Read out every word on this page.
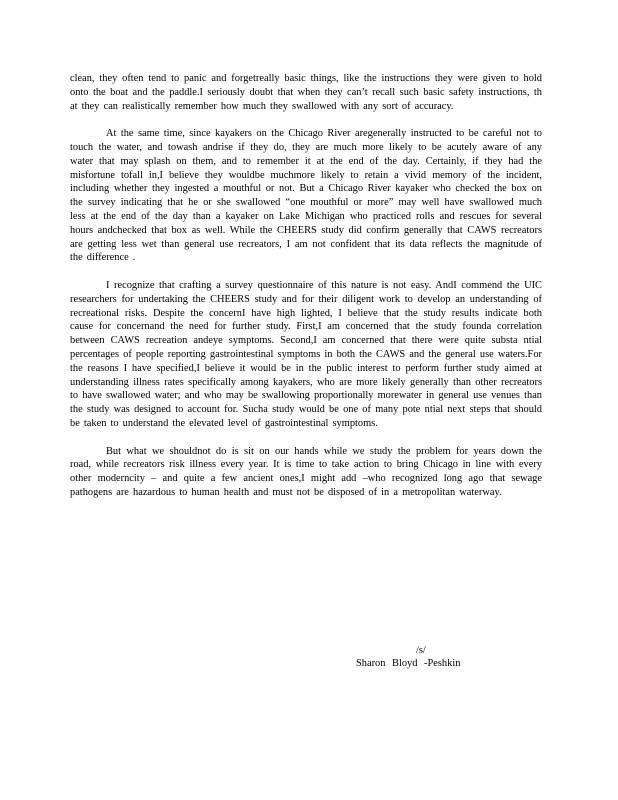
clean, they often tend to panic and forgetreally basic things, like the instructions they were given to hold onto the boat and the paddle.I seriously doubt that when they can’t recall such basic safety instructions, th at they can realistically remember how much they swallowed with any sort of accuracy.

At the same time, since kayakers on the Chicago River aregenerally instructed to be careful not to touch the water, and towash andrise if they do, they are much more likely to be acutely aware of any water that may splash on them, and to remember it at the end of the day. Certainly, if they had the misfortune tofall in,I believe they wouldbe muchmore likely to retain a vivid memory of the incident, including whether they ingested a mouthful or not. But a Chicago River kayaker who checked the box on the survey indicating that he or she swallowed “one mouthful or more” may well have swallowed much less at the end of the day than a kayaker on Lake Michigan who practiced rolls and rescues for several hours andchecked that box as well. While the CHEERS study did confirm generally that CAWS recreators are getting less wet than general use recreators, I am not confident that its data reflects the magnitude of the difference .

I recognize that crafting a survey questionnaire of this nature is not easy. AndI commend the UIC researchers for undertaking the CHEERS study and for their diligent work to develop an understanding of recreational risks. Despite the concernI have high lighted, I believe that the study results indicate both cause for concernand the need for further study. First,I am concerned that the study founda correlation between CAWS recreation andeye symptoms. Second,I am concerned that there were quite substa ntial percentages of people reporting gastrointestinal symptoms in both the CAWS and the general use waters.For the reasons I have specified,I believe it would be in the public interest to perform further study aimed at understanding illness rates specifically among kayakers, who are more likely generally than other recreators to have swallowed water; and who may be swallowing proportionally morewater in general use venues than the study was designed to account for. Sucha study would be one of many pote ntial next steps that should be taken to understand the elevated level of gastrointestinal symptoms.

But what we shouldnot do is sit on our hands while we study the problem for years down the road, while recreators risk illness every year. It is time to take action to bring Chicago in line with every other moderncity – and quite a few ancient ones,I might add –who recognized long ago that sewage pathogens are hazardous to human health and must not be disposed of in a metropolitan waterway.

/s/
Sharon Bloyd -Peshkin
